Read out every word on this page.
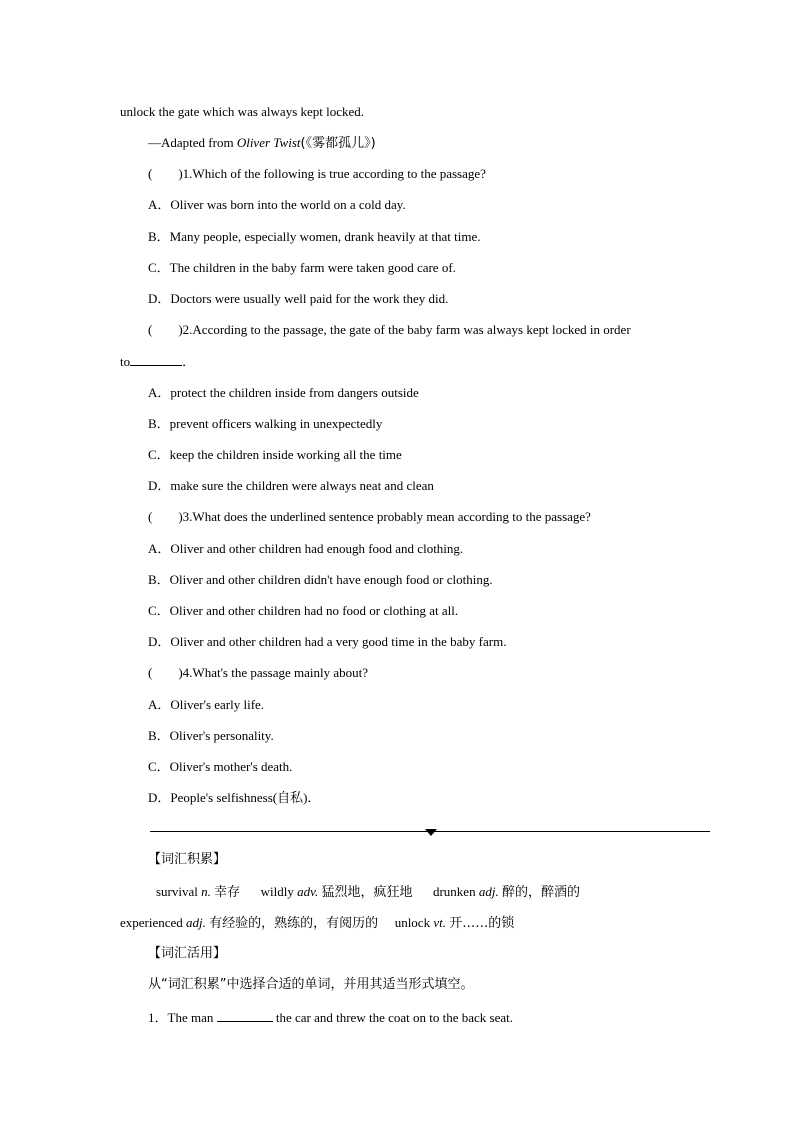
unlock the gate which was always kept locked.
—Adapted from Oliver Twist(《雾都孤儿》)
(        )1.Which of the following is true according to the passage?
A．Oliver was born into the world on a cold day.
B．Many people, especially women, drank heavily at that time.
C．The children in the baby farm were taken good care of.
D．Doctors were usually well paid for the work they did.
(        )2.According to the passage, the gate of the baby farm was always kept locked in order
to	．
A．protect the children inside from dangers outside
B．prevent officers walking in unexpectedly
C．keep the children inside working all the time
D．make sure the children were always neat and clean
(        )3.What does the underlined sentence probably mean according to the passage?
A．Oliver and other children had enough food and clothing.
B．Oliver and other children didn't have enough food or clothing.
C．Oliver and other children had no food or clothing at all.
D．Oliver and other children had a very good time in the baby farm.
(        )4.What's the passage mainly about?
A．Oliver's early life.
B．Oliver's personality.
C．Oliver's mother's death.
D．People's selfishness(自私)．
【词汇积累】
survival n. 幸存 wildly adv. 猛烈地，疯狂地 drunken adj. 醉的，醉酒的
experienced adj. 有经验的，熟练的，有阅历的 unlock vt. 开……的锁
【词汇活用】
从“词汇积累”中选择合适的单词，并用其适当形式填空。
1．The man	the car and threw the coat on to the back seat.
